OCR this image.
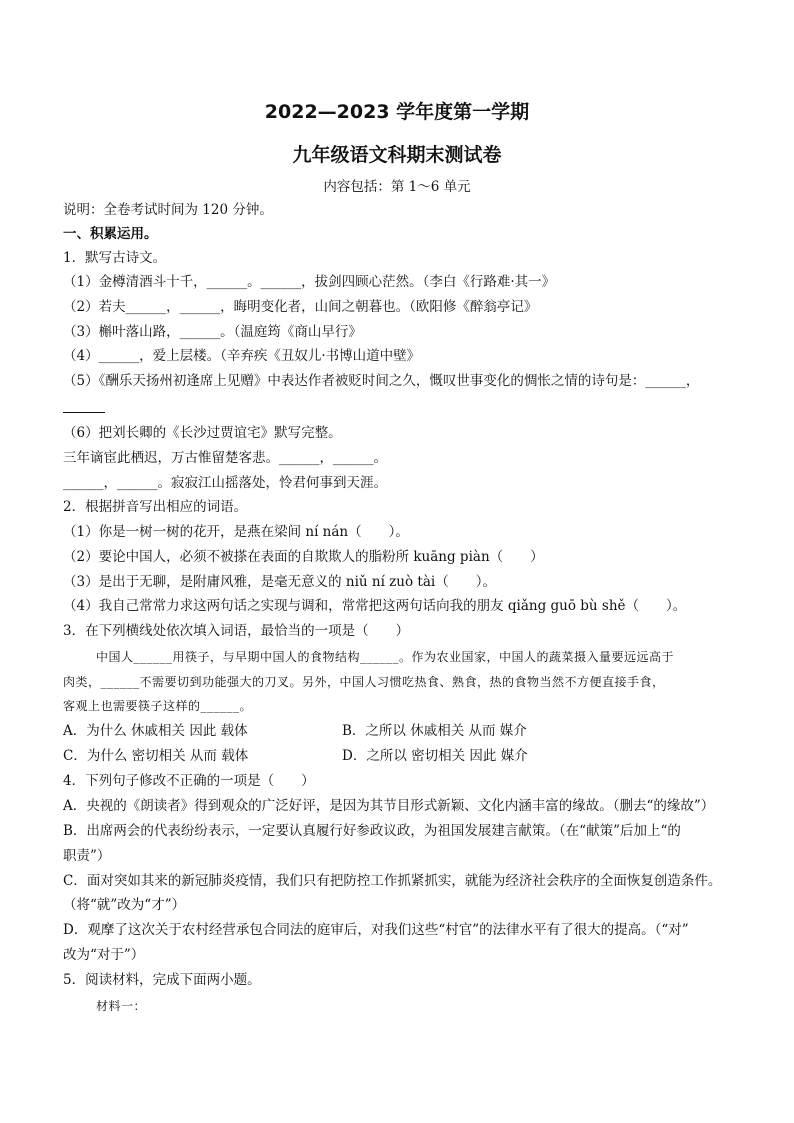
2022—2023 学年度第一学期
九年级语文科期末测试卷
内容包括：第 1～6 单元
说明：全卷考试时间为 120 分钟。
一、积累运用。
1．默写古诗文。
（1）金樽清酒斗十千，______。______，拔剑四顾心茫然。（李白《行路难·其一》
（2）若夫______，______，晦明变化者，山间之朝暮也。（欧阳修《醉翁亭记》
（3）槲叶落山路，______。（温庭筠《商山早行》
（4）______，爱上层楼。（辛弃疾《丑奴儿·书博山道中壁》
（5）《酬乐天扬州初逢席上见赠》中表达作者被贬时间之久，慨叹世事变化的惆怅之情的诗句是：______，
（6）把刘长卿的《长沙过贾谊宅》默写完整。
三年谪宦此栖迟，万古惟留楚客悲。______，______。
______，______。寂寂江山摇落处，怜君何事到天涯。
2．根据拼音写出相应的词语。
（1）你是一树一树的花开，是燕在梁间 ní nán（　　）。
（2）要论中国人，必须不被搽在表面的自欺欺人的脂粉所 kuāng piàn（　　）
（3）是出于无聊，是附庸风雅，是毫无意义的 niǔ ní zuò tài（　　）。
（4）我自己常常力求这两句话之实现与调和，常常把这两句话向我的朋友 qiǎng guō bù shě（　　）。
3．在下列横线处依次填入词语，最恰当的一项是（　　）
中国人______用筷子，与早期中国人的食物结构______。作为农业国家，中国人的蔬菜摄入量要远远高于
肉类，______不需要切到功能强大的刀叉。另外，中国人习惯吃热食、熟食，热的食物当然不方便直接手食，
客观上也需要筷子这样的______。
A．为什么 休戚相关 因此 载体	B．之所以 休戚相关 从而 媒介
C．为什么 密切相关 从而 载体	D．之所以 密切相关 因此 媒介
4．下列句子修改不正确的一项是（　　）
A．央视的《朗读者》得到观众的广泛好评，是因为其节目形式新颖、文化内涵丰富的缘故。（删去“的缘故”）
B．出席两会的代表纷纷表示，一定要认真履行好参政议政，为祖国发展建言献策。（在“献策”后加上“的
职责”）
C．面对突如其来的新冠肺炎疫情，我们只有把防控工作抓紧抓实，就能为经济社会秩序的全面恢复创造条件。
（将“就”改为“才”）
D．观摩了这次关于农村经营承包合同法的庭审后，对我们这些“村官”的法律水平有了很大的提高。（“对”
改为“对于”）
5．阅读材料，完成下面两小题。
材料一：
